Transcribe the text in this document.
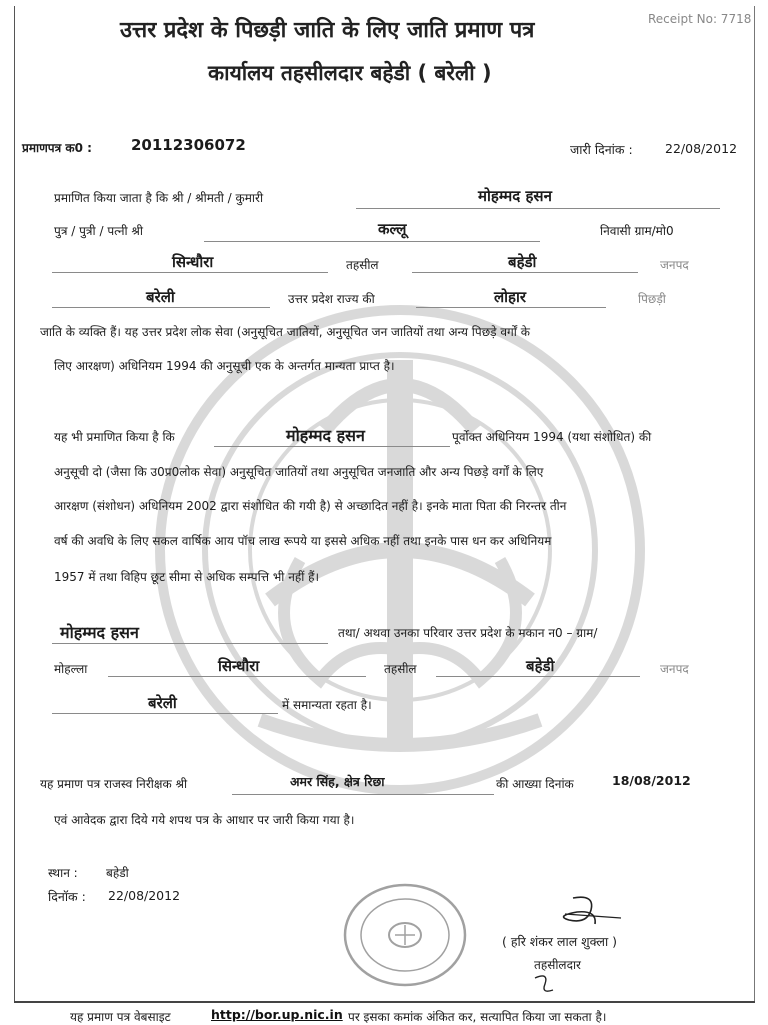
उत्तर प्रदेश के पिछड़ी जाति के लिए जाति प्रमाण पत्र	Receipt No: 7718
कार्यालय तहसीलदार बहेडी ( बरेली )
प्रमाणपत्र क0 :	20112306072	जारी दिनांक :	22/08/2012
प्रमाणित किया जाता है कि श्री / श्रीमती / कुमारी	मोहम्मद हसन
पुत्र / पुत्री / पत्नी श्री	कल्लू	निवासी ग्राम/मो0
सिन्धौरा	तहसील	बहेडी	जनपद
बरेली	उत्तर प्रदेश राज्य की	लोहार	पिछड़ी
जाति के व्यक्ति हैं। यह उत्तर प्रदेश लोक सेवा (अनुसूचित जातियों, अनुसूचित जन जातियों तथा अन्य पिछड़े वर्गों के
लिए आरक्षण) अधिनियम 1994 की अनुसूची एक के अन्तर्गत मान्यता प्राप्त है।
यह भी प्रमाणित किया है कि	मोहम्मद हसन	पूर्वोक्त अधिनियम 1994 (यथा संशोधित) की
अनुसूची दो (जैसा कि उ0प्र0लोक सेवा) अनुसूचित जातियों तथा अनुसूचित जनजाति और अन्य पिछड़े वर्गों के लिए
आरक्षण (संशोधन) अधिनियम 2002 द्वारा संशोधित की गयी है) से अच्छादित नहीं है। इनके माता पिता की निरन्तर तीन
वर्ष की अवधि के लिए सकल वार्षिक आय पॉच लाख रूपये या इससे अधिक नहीं तथा इनके पास धन कर अधिनियम
1957 में तथा विहिप छूट सीमा से अधिक सम्पत्ति भी नहीं हैं।
मोहम्मद हसन	तथा/ अथवा उनका परिवार उत्तर प्रदेश के मकान न0 – ग्राम/
मोहल्ला	सिन्धौरा	तहसील	बहेडी	जनपद
बरेली	में समान्यता रहता है।
यह प्रमाण पत्र राजस्व निरीक्षक श्री	अमर सिंह, क्षेत्र रिछा	की आख्या दिनांक	18/08/2012
एवं आवेदक द्वारा दिये गये शपथ पत्र के आधार पर जारी किया गया है।
स्थान : बहेडी
दिनॉक : 22/08/2012
( हरि शंकर लाल शुक्ला )
तहसीलदार
यह प्रमाण पत्र वेबसाइट	http://bor.up.nic.in पर इसका कमांक अंकित कर, सत्यापित किया जा सकता है।
